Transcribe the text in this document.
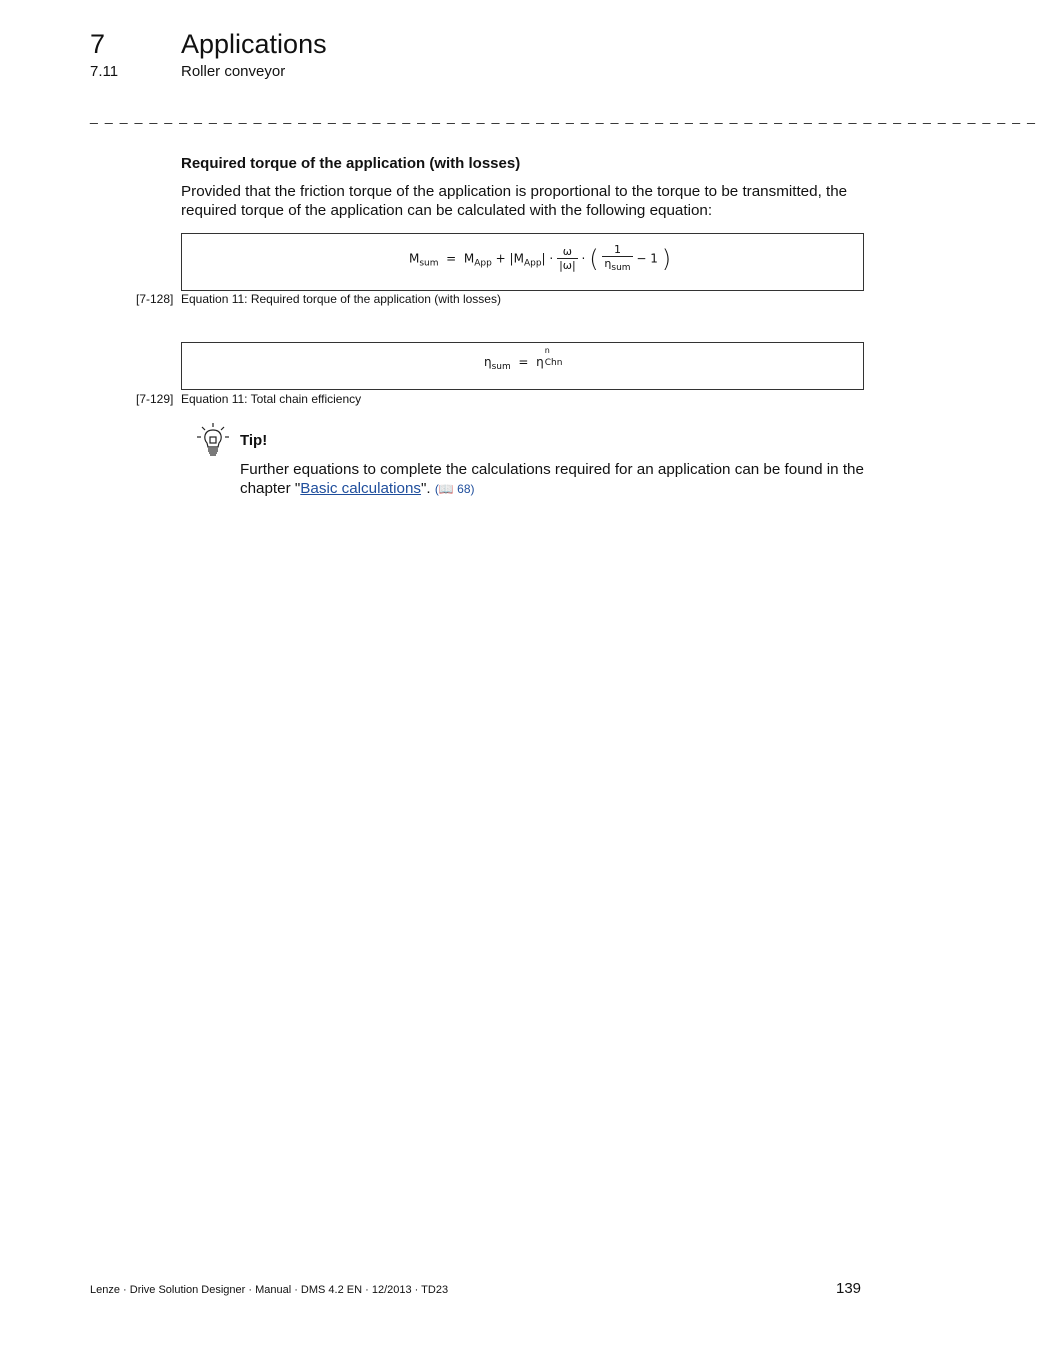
7	Applications
7.11	Roller conveyor
_ _ _ _ _ _ _ _ _ _ _ _ _ _ _ _ _ _ _ _ _ _ _ _ _ _ _ _ _ _ _ _ _ _ _ _ _ _ _ _ _ _ _ _ _ _ _ _ _ _ _ _ _ _ _ _ _ _ _ _ _ _ _ _
Required torque of the application (with losses)
Provided that the friction torque of the application is proportional to the torque to be transmitted, the required torque of the application can be calculated with the following equation:
$M_{sum} = M_{App} + |M_{App}| \cdot \frac{\omega}{|\omega|}$ · ( $\frac{1}{\eta_{sum}} - 1$ )
[7-128] Equation 11: Required torque of the application (with losses)
$\eta_{sum} = \eta$
n
Chn
[7-129] Equation 11: Total chain efficiency
Tip!
Further equations to complete the calculations required for an application can be found in the chapter "Basic calculations". (📖 68)
Lenze · Drive Solution Designer · Manual · DMS 4.2 EN · 12/2013 · TD23	139
